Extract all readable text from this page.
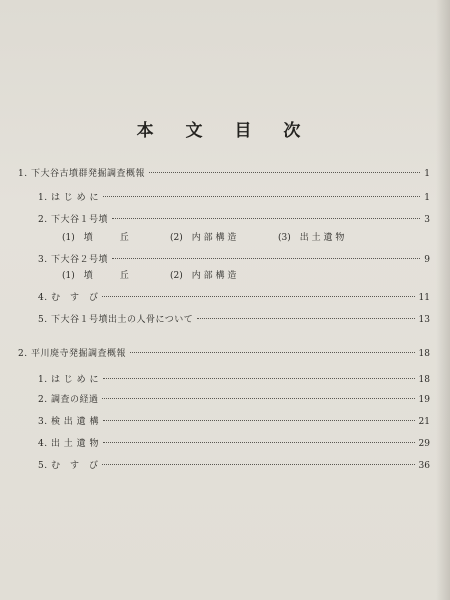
本 文 目 次
1. 下大谷古墳群発掘調査概報	1
1. は じ め に	1
2. 下大谷１号墳	3
(1)　墳　　　丘	(2)　内 部 構 造	(3)　出 土 遺 物
3. 下大谷２号墳	9
(1)　墳　　　丘	(2)　内 部 構 造
4. む　す　び	11
5. 下大谷１号墳出土の人骨について	13
2. 平川廃寺発掘調査概報	18
1. は じ め に	18
2. 調査の経過	19
3. 検 出 遺 構	21
4. 出 土 遺 物	29
5. む　す　び	36
